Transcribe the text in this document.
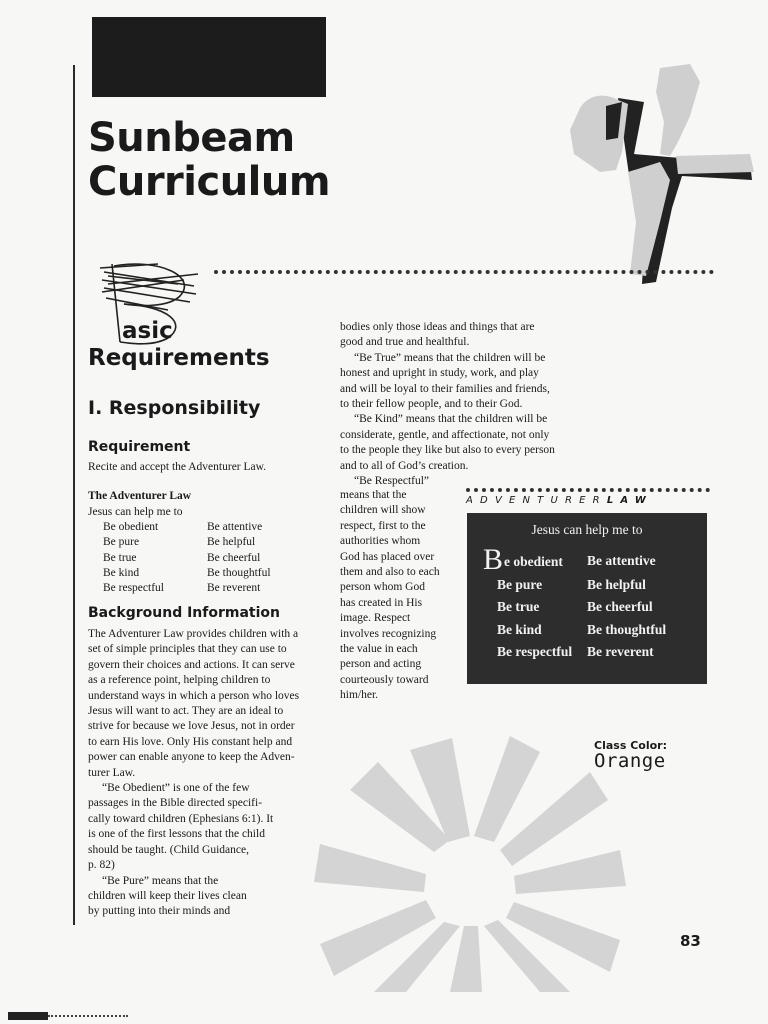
Sunbeam
Curriculum
asic
Requirements
I. Responsibility
Requirement
Recite and accept the Adventurer Law.
The Adventurer Law
Jesus can help me to
Be obedient	Be attentive
Be pure	Be helpful
Be true	Be cheerful
Be kind	Be thoughtful
Be respectful	Be reverent
Background Information

The Adventurer Law provides children with a

set of simple principles that they can use to

govern their choices and actions. It can serve

as a reference point, helping children to

understand ways in which a person who loves

Jesus will want to act. They are an ideal to

strive for because we love Jesus, not in order

to earn His love. Only His constant help and

power can enable anyone to keep the Adven-

turer Law.

“Be Obedient” is one of the few

passages in the Bible directed specifi-

cally toward children (Ephesians 6:1). It

is one of the first lessons that the child

should be taught. (Child Guidance,

p. 82)

“Be Pure” means that the

children will keep their lives clean

by putting into their minds and

bodies only those ideas and things that are

good and true and healthful.

“Be True” means that the children will be

honest and upright in study, work, and play

and will be loyal to their families and friends,

to their fellow people, and to their God.

“Be Kind” means that the children will be

considerate, gentle, and affectionate, not only

to the people they like but also to every person

and to all of God’s creation.

“Be Respectful”

means that the

children will show

respect, first to the

authorities whom

God has placed over

them and also to each

person whom God

has created in His

image. Respect

involves recognizing

the value in each

person and acting

courteously toward

him/her.

ADVENTURERLAW
Jesus can help me to
Be obedient	Be attentive
Be pure	Be helpful
Be true	Be cheerful
Be kind	Be thoughtful
Be respectful	Be reverent
Class Color:
Orange
83
